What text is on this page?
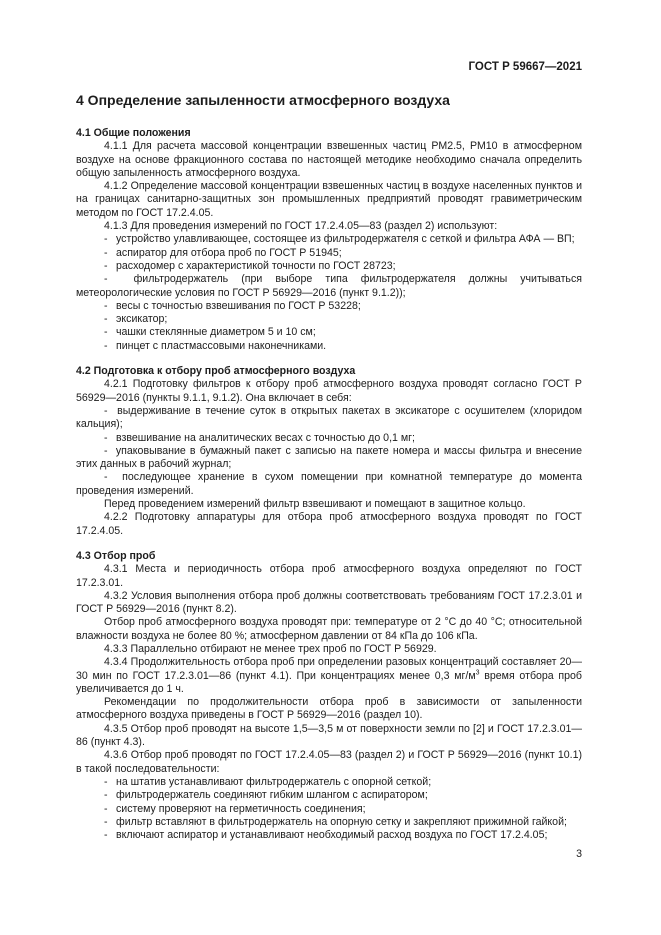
ГОСТ Р 59667—2021
4 Определение запыленности атмосферного воздуха

4.1 Общие положения

4.1.1 Для расчета массовой концентрации взвешенных частиц РМ2.5, РМ10 в атмосферном воздухе на основе фракционного состава по настоящей методике необходимо сначала определить общую запыленность атмосферного воздуха.

4.1.2 Определение массовой концентрации взвешенных частиц в воздухе населенных пунктов и на границах санитарно-защитных зон промышленных предприятий проводят гравиметрическим методом по ГОСТ 17.2.4.05.

4.1.3 Для проведения измерений по ГОСТ 17.2.4.05—83 (раздел 2) используют:

- устройство улавливающее, состоящее из фильтродержателя с сеткой и фильтра АФА — ВП;
- аспиратор для отбора проб по ГОСТ Р 51945;
- расходомер с характеристикой точности по ГОСТ 28723;

-  фильтродержатель (при выборе типа фильтродержателя должны учитываться метеорологические условия по ГОСТ Р 56929—2016 (пункт 9.1.2));

- весы с точностью взвешивания по ГОСТ Р 53228;
- эксикатор;
- чашки стеклянные диаметром 5 и 10 см;
- пинцет с пластмассовыми наконечниками.

4.2 Подготовка к отбору проб атмосферного воздуха

4.2.1 Подготовку фильтров к отбору проб атмосферного воздуха проводят согласно ГОСТ Р 56929—2016 (пункты 9.1.1, 9.1.2). Она включает в себя:

-  выдерживание в течение суток в открытых пакетах в эксикаторе с осушителем (хлоридом кальция);

- взвешивание на аналитических весах с точностью до 0,1 мг;

-  упаковывание в бумажный пакет с записью на пакете номера и массы фильтра и внесение этих данных в рабочий журнал;

-  последующее хранение в сухом помещении при комнатной температуре до момента проведения измерений.

Перед проведением измерений фильтр взвешивают и помещают в защитное кольцо.

4.2.2 Подготовку аппаратуры для отбора проб атмосферного воздуха проводят по ГОСТ 17.2.4.05.

4.3 Отбор проб

4.3.1 Места и периодичность отбора проб атмосферного воздуха определяют по ГОСТ 17.2.3.01.

4.3.2 Условия выполнения отбора проб должны соответствовать требованиям ГОСТ 17.2.3.01 и ГОСТ Р 56929—2016 (пункт 8.2).

Отбор проб атмосферного воздуха проводят при: температуре от 2 °С до 40 °С; относительной влажности воздуха не более 80 %; атмосферном давлении от 84 кПа до 106 кПа.

4.3.3 Параллельно отбирают не менее трех проб по ГОСТ Р 56929.

4.3.4 Продолжительность отбора проб при определении разовых концентраций составляет 20—30 мин по ГОСТ 17.2.3.01—86 (пункт 4.1). При концентрациях менее 0,3 $мг/м^3$ время отбора проб увеличивается до 1 ч.

Рекомендации по продолжительности отбора проб в зависимости от запыленности атмосферного воздуха приведены в ГОСТ Р 56929—2016 (раздел 10).

4.3.5 Отбор проб проводят на высоте 1,5—3,5 м от поверхности земли по [2] и ГОСТ 17.2.3.01—86 (пункт 4.3).

4.3.6 Отбор проб проводят по ГОСТ 17.2.4.05—83 (раздел 2) и ГОСТ Р 56929—2016 (пункт 10.1) в такой последовательности:

- на штатив устанавливают фильтродержатель с опорной сеткой;
- фильтродержатель соединяют гибким шлангом с аспиратором;
- систему проверяют на герметичность соединения;
- фильтр вставляют в фильтродержатель на опорную сетку и закрепляют прижимной гайкой;
- включают аспиратор и устанавливают необходимый расход воздуха по ГОСТ 17.2.4.05;
3
